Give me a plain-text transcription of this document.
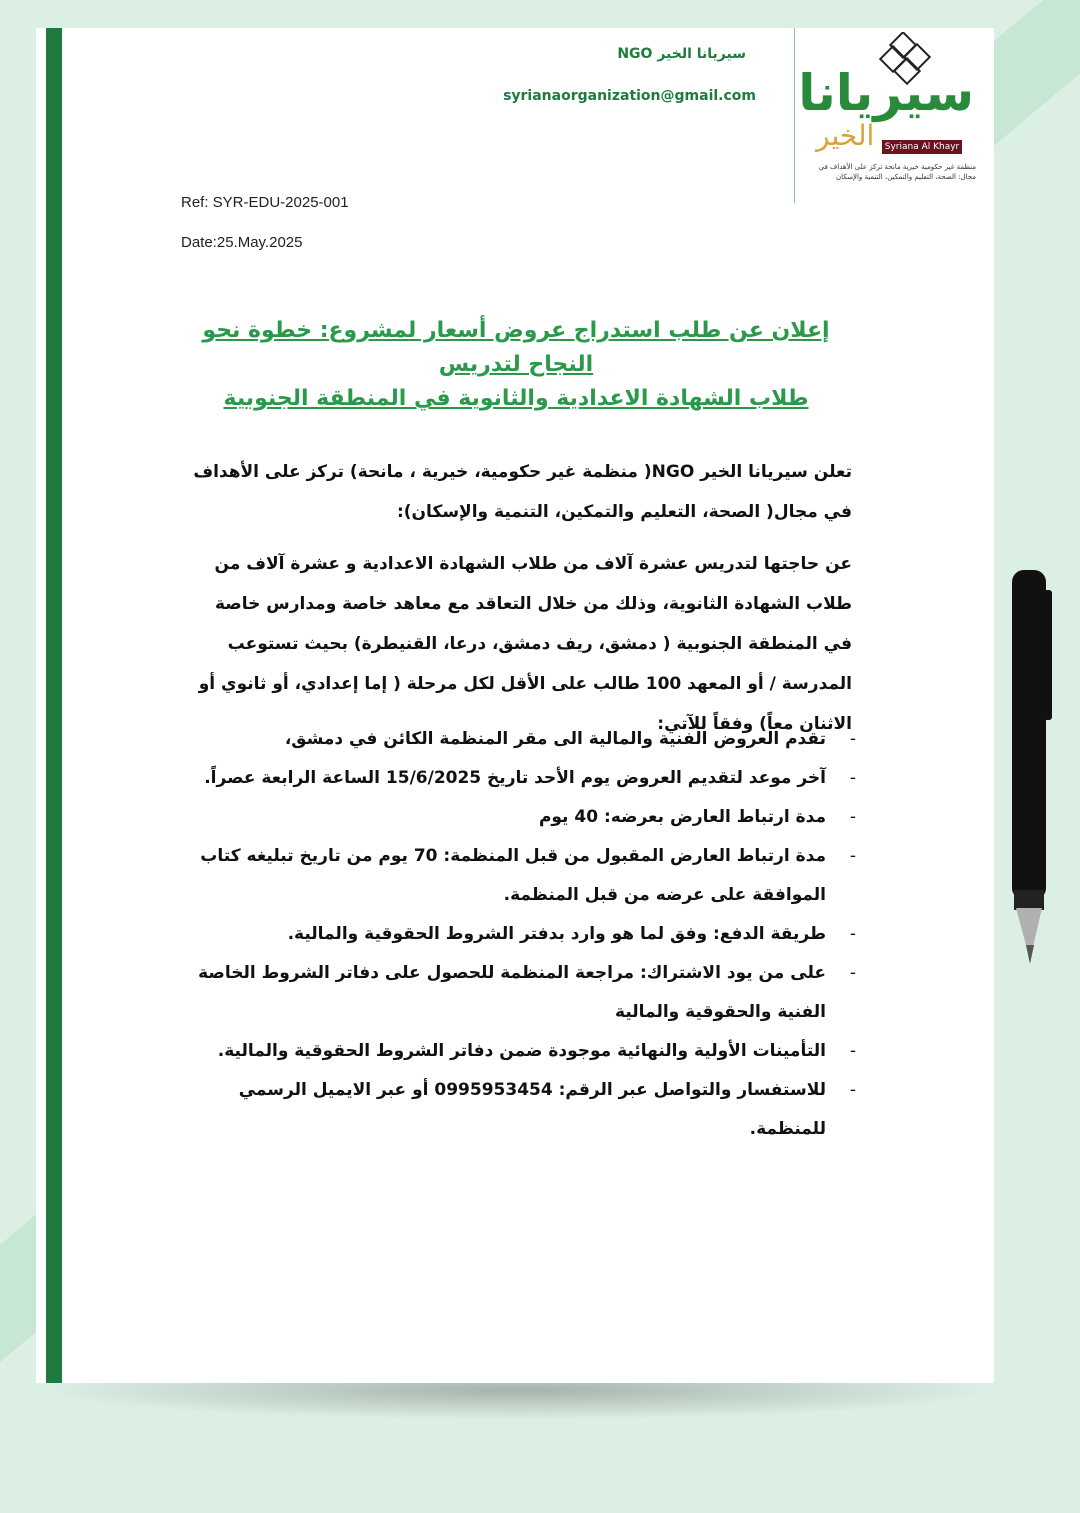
سيريانا الخير NGO
syrianaorganization@gmail.com سيريانا
الخير	Syriana Al Khayr
منظمة غير حكومية خيرية مانحة تركز على الأهداف في مجال: الصحة، التعليم والتمكين، التنمية والإسكان
Ref: SYR-EDU-2025-001
Date:25.May.2025
إعلان عن طلب استدراج عروض أسعار لمشروع: خطوة نحو النجاح لتدريس
طلاب الشهادة الاعدادية والثانوية في المنطقة الجنوبية
تعلن سيريانا الخير NGO( منظمة غير حكومية، خيرية ، مانحة) تركز على الأهداف في مجال( الصحة، التعليم والتمكين، التنمية والإسكان):
عن حاجتها لتدريس عشرة آلاف من طلاب الشهادة الاعدادية و عشرة آلاف من طلاب الشهادة الثانوية، وذلك من خلال التعاقد مع معاهد خاصة ومدارس خاصة في المنطقة الجنوبية ( دمشق، ريف دمشق، درعا، القنيطرة) بحيث تستوعب المدرسة / أو المعهد 100 طالب على الأقل لكل مرحلة ( إما إعدادي، أو ثانوي أو الاثنان معاً) وفقاً للآتي:
-
تقدم العروض الفنية والمالية الى مقر المنظمة الكائن في دمشق،
-
آخر موعد لتقديم العروض يوم الأحد تاريخ 15/6/2025 الساعة الرابعة عصراً.
-
مدة ارتباط العارض بعرضه: 40 يوم
-
مدة ارتباط العارض المقبول من قبل المنظمة: 70 يوم من تاريخ تبليغه كتاب الموافقة على عرضه من قبل المنظمة.
-
طريقة الدفع: وفق لما هو وارد بدفتر الشروط الحقوقية والمالية.
-
على من يود الاشتراك: مراجعة المنظمة للحصول على دفاتر الشروط الخاصة الفنية والحقوقية والمالية
-
التأمينات الأولية والنهائية موجودة ضمن دفاتر الشروط الحقوقية والمالية.
-
للاستفسار والتواصل عبر الرقم: 0995953454 أو عبر الايميل الرسمي للمنظمة.
